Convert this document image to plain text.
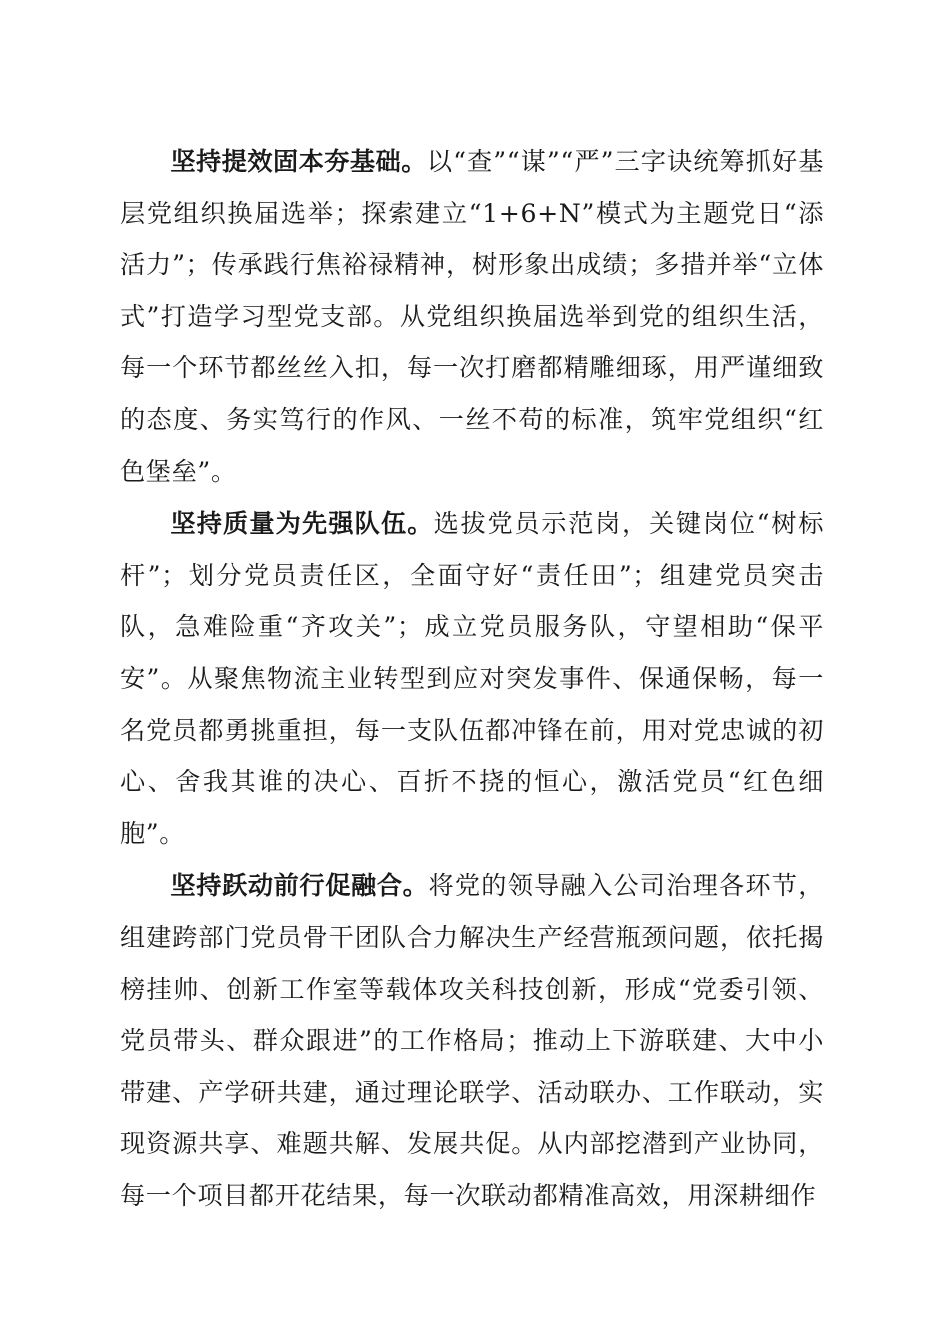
坚持提效固本夯基础。以“查”“谋”“严”三字诀统筹抓好基层党组织换届选举；探索建立“1+6+N”模式为主题党日“添活力”；传承践行焦裕禄精神，树形象出成绩；多措并举“立体式”打造学习型党支部。从党组织换届选举到党的组织生活，每一个环节都丝丝入扣，每一次打磨都精雕细琢，用严谨细致的态度、务实笃行的作风、一丝不苟的标准，筑牢党组织“红色堡垒”。

坚持质量为先强队伍。选拔党员示范岗，关键岗位“树标杆”；划分党员责任区，全面守好“责任田”；组建党员突击队，急难险重“齐攻关”；成立党员服务队，守望相助“保平安”。从聚焦物流主业转型到应对突发事件、保通保畅，每一名党员都勇挑重担，每一支队伍都冲锋在前，用对党忠诚的初心、舍我其谁的决心、百折不挠的恒心，激活党员“红色细胞”。

坚持跃动前行促融合。将党的领导融入公司治理各环节，组建跨部门党员骨干团队合力解决生产经营瓶颈问题，依托揭榜挂帅、创新工作室等载体攻关科技创新，形成“党委引领、党员带头、群众跟进”的工作格局；推动上下游联建、大中小带建、产学研共建，通过理论联学、活动联办、工作联动，实现资源共享、难题共解、发展共促。从内部挖潜到产业协同，每一个项目都开花结果，每一次联动都精准高效，用深耕细作
